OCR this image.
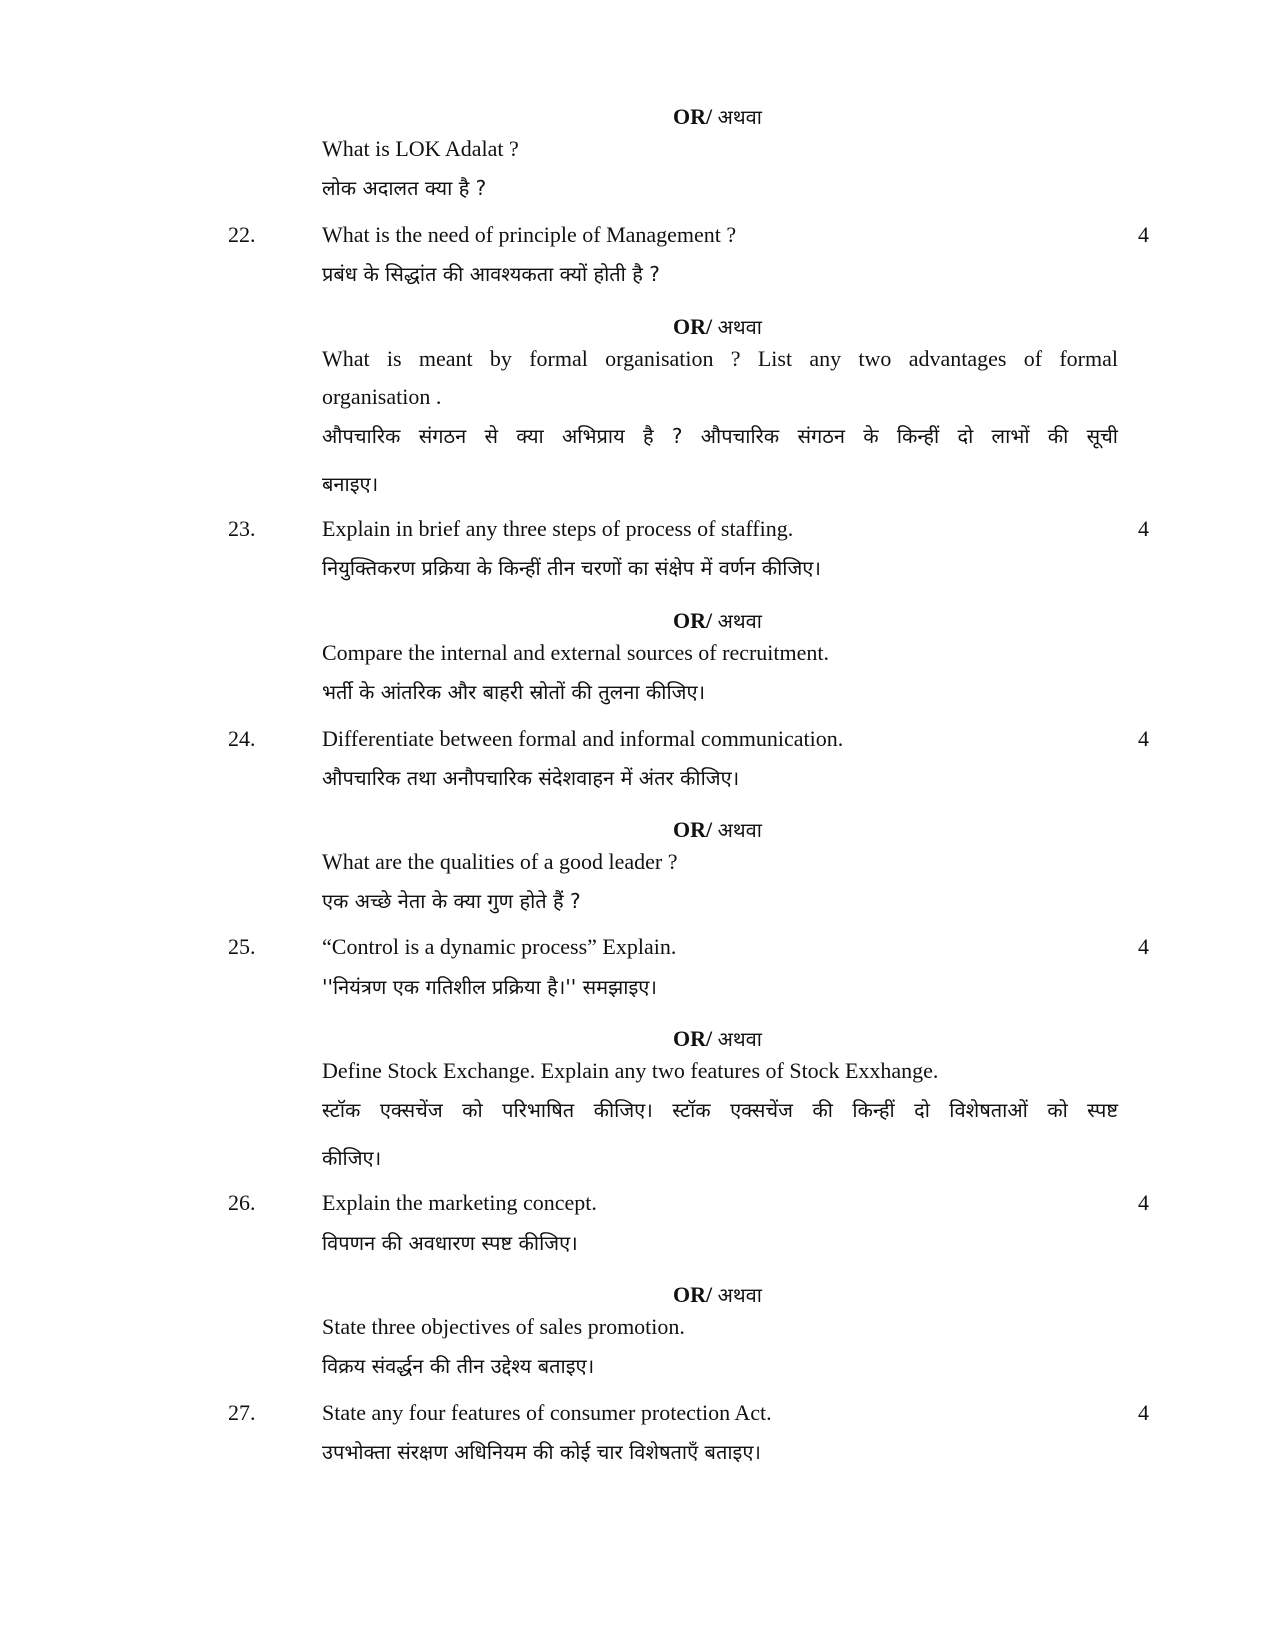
OR/ अथवा
What is LOK Adalat ?
लोक अदालत क्या है ?
22.	What is the need of principle of Management ?	4
प्रबंध के सिद्धांत की आवश्यकता क्यों होती है ?
OR/ अथवा
What is meant by formal organisation ? List any two advantages of formal
organisation .
औपचारिक संगठन से क्या अभिप्राय है ? औपचारिक संगठन के किन्हीं दो लाभों की सूची
बनाइए।
23.	Explain in brief any three steps of process of staffing.	4
नियुक्तिकरण प्रक्रिया के किन्हीं तीन चरणों का संक्षेप में वर्णन कीजिए।
OR/ अथवा
Compare the internal and external sources of recruitment.
भर्ती के आंतरिक और बाहरी स्रोतों की तुलना कीजिए।
24.	Differentiate between formal and informal communication.	4
औपचारिक तथा अनौपचारिक संदेशवाहन में अंतर कीजिए।
OR/ अथवा
What are the qualities of a good leader ?
एक अच्छे नेता के क्या गुण होते हैं ?
25.	“Control is a dynamic process” Explain.	4
''नियंत्रण एक गतिशील प्रक्रिया है।'' समझाइए।
OR/ अथवा
Define Stock Exchange. Explain any two features of Stock Exxhange.
स्टॉक एक्सचेंज को परिभाषित कीजिए। स्टॉक एक्सचेंज की किन्हीं दो विशेषताओं को स्पष्ट
कीजिए।
26.	Explain the marketing concept.	4
विपणन की अवधारण स्पष्ट कीजिए।
OR/ अथवा
State three objectives of sales promotion.
विक्रय संवर्द्धन की तीन उद्देश्य बताइए।
27.	State any four features of consumer protection Act.	4
उपभोक्ता संरक्षण अधिनियम की कोई चार विशेषताएँ बताइए।
